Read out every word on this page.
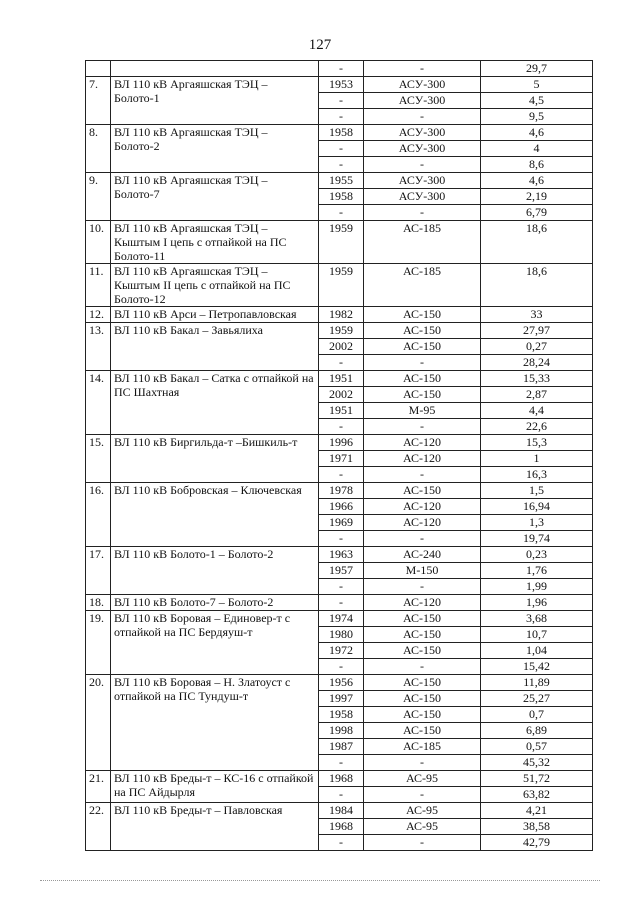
127
		-	-	29,7
7.	ВЛ 110 кВ Аргаяшская ТЭЦ – Болото-1	1953	АСУ-300	5
		-	АСУ-300	4,5
		-	-	9,5
8.	ВЛ 110 кВ Аргаяшская ТЭЦ – Болото-2	1958	АСУ-300	4,6
		-	АСУ-300	4
		-	-	8,6
9.	ВЛ 110 кВ Аргаяшская ТЭЦ – Болото-7	1955	АСУ-300	4,6
		1958	АСУ-300	2,19
		-	-	6,79
10.	ВЛ 110 кВ Аргаяшская ТЭЦ – Кыштым I цепь с отпайкой на ПС Болото-11	1959	АС-185	18,6
11.	ВЛ 110 кВ Аргаяшская ТЭЦ – Кыштым II цепь с отпайкой на ПС Болото-12	1959	АС-185	18,6
12.	ВЛ 110 кВ Арси – Петропавловская	1982	АС-150	33
13.	ВЛ 110 кВ Бакал – Завьялиха	1959	АС-150	27,97
		2002	АС-150	0,27
		-	-	28,24
14.	ВЛ 110 кВ Бакал – Сатка с отпайкой на ПС Шахтная	1951	АС-150	15,33
		2002	АС-150	2,87
		1951	М-95	4,4
		-	-	22,6
15.	ВЛ 110 кВ Биргильда-т –Бишкиль-т	1996	АС-120	15,3
		1971	АС-120	1
		-	-	16,3
16.	ВЛ 110 кВ Бобровская – Ключевская	1978	АС-150	1,5
		1966	АС-120	16,94
		1969	АС-120	1,3
		-	-	19,74
17.	ВЛ 110 кВ Болото-1 – Болото-2	1963	АС-240	0,23
		1957	М-150	1,76
		-	-	1,99
18.	ВЛ 110 кВ Болото-7 – Болото-2	-	АС-120	1,96
19.	ВЛ 110 кВ Боровая – Единовер-т с отпайкой на ПС Бердяуш-т	1974	АС-150	3,68
		1980	АС-150	10,7
		1972	АС-150	1,04
		-	-	15,42
20.	ВЛ 110 кВ Боровая – Н. Златоуст с отпайкой на ПС Тундуш-т	1956	АС-150	11,89
		1997	АС-150	25,27
		1958	АС-150	0,7
		1998	АС-150	6,89
		1987	АС-185	0,57
		-	-	45,32
21.	ВЛ 110 кВ Бреды-т – КС-16 с отпайкой на ПС Айдырля	1968	АС-95	51,72
		-	-	63,82
22.	ВЛ 110 кВ Бреды-т – Павловская	1984	АС-95	4,21
		1968	АС-95	38,58
		-	-	42,79
